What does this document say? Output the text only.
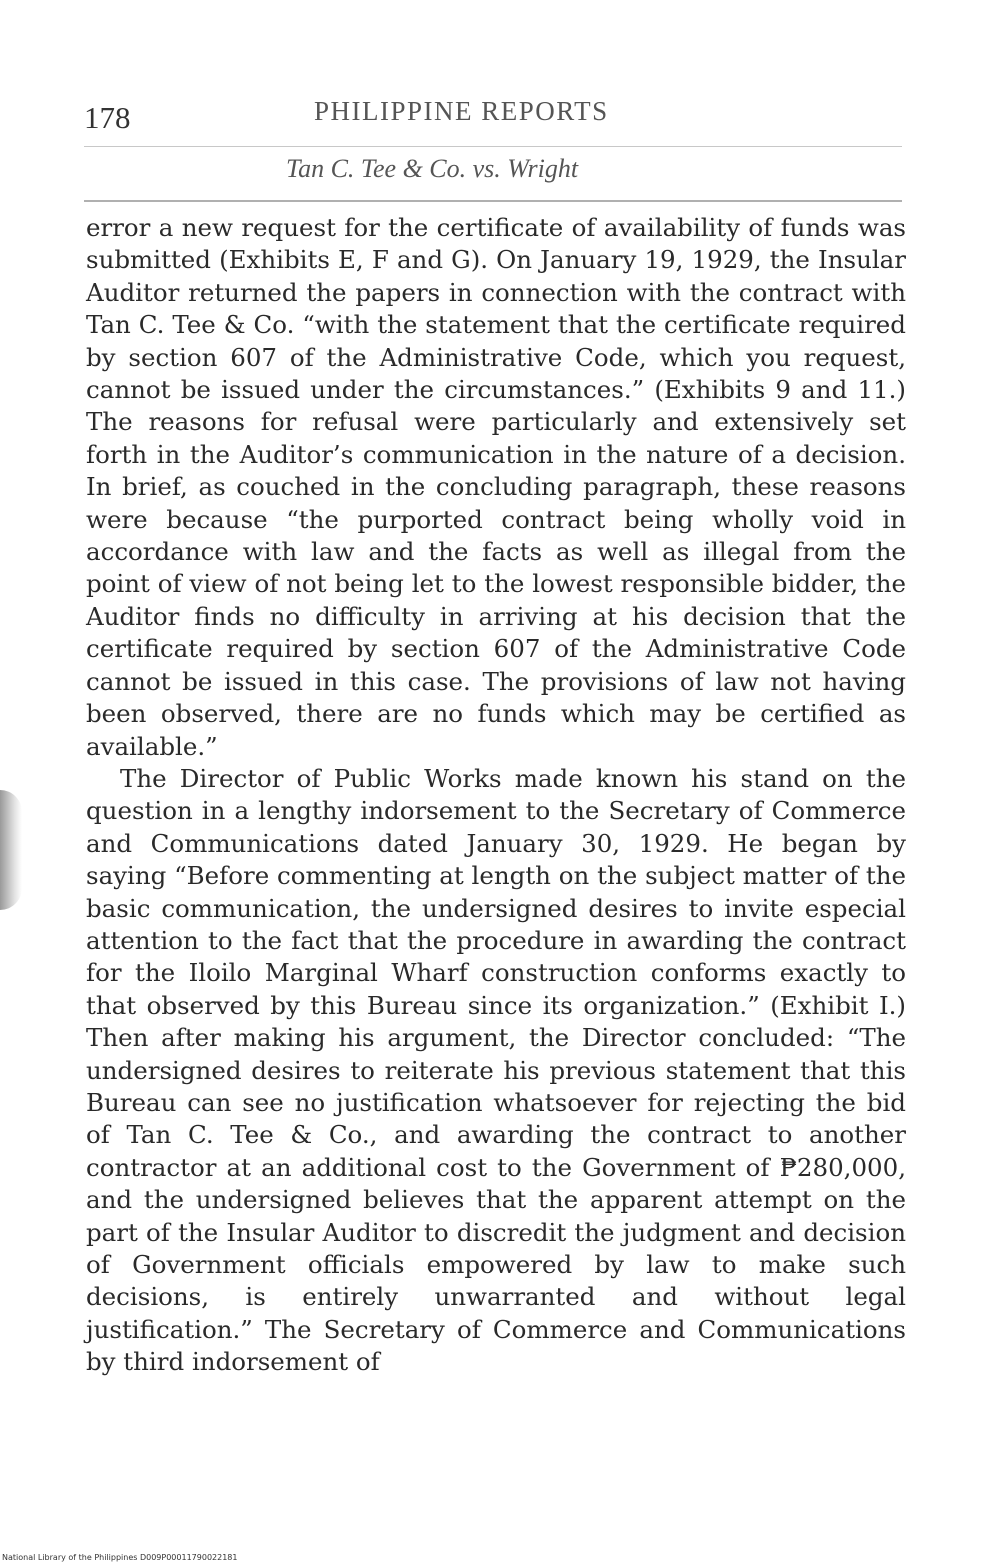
178	PHILIPPINE REPORTS
Tan C. Tee & Co. vs. Wright

error a new request for the certificate of availability of funds was submitted (Exhibits E, F and G). On January 19, 1929, the Insular Auditor returned the papers in connection with the contract with Tan C. Tee & Co. “with the statement that the certificate required by section 607 of the Administrative Code, which you request, cannot be issued under the circumstances.” (Exhibits 9 and 11.) The reasons for refusal were particularly and extensively set forth in the Auditor’s communication in the nature of a decision. In brief, as couched in the concluding paragraph, these reasons were because “the purported contract being wholly void in accordance with law and the facts as well as illegal from the point of view of not being let to the lowest responsible bidder, the Auditor finds no difficulty in arriving at his decision that the certificate required by section 607 of the Administrative Code cannot be issued in this case. The provisions of law not having been observed, there are no funds which may be certified as available.”

The Director of Public Works made known his stand on the question in a lengthy indorsement to the Secretary of Commerce and Communications dated January 30, 1929. He began by saying “Before commenting at length on the subject matter of the basic communication, the undersigned desires to invite especial attention to the fact that the procedure in awarding the contract for the Iloilo Marginal Wharf construction conforms exactly to that observed by this Bureau since its organization.” (Exhibit I.) Then after making his argument, the Director concluded: “The undersigned desires to reiterate his previous statement that this Bureau can see no justification whatsoever for rejecting the bid of Tan C. Tee & Co., and awarding the contract to another contractor at an additional cost to the Government of ₱280,000, and the undersigned believes that the apparent attempt on the part of the Insular Auditor to discredit the judgment and decision of Government officials empowered by law to make such decisions, is entirely unwarranted and without legal justification.” The Secretary of Commerce and Communications by third indorsement of

National Library of the Philippines D009P00011790022181
